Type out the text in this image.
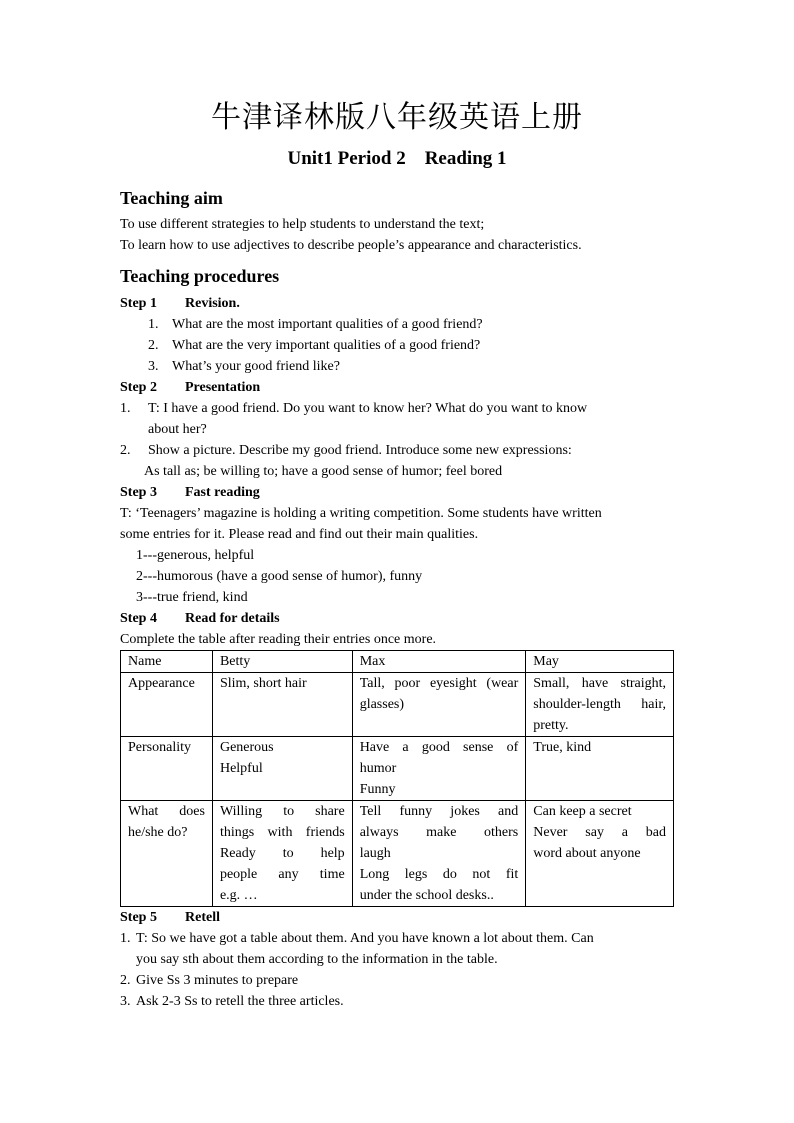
牛津译林版八年级英语上册
Unit1 Period 2    Reading 1
Teaching aim

To use different strategies to help students to understand the text;

To learn how to use adjectives to describe people’s appearance and characteristics.

Teaching procedures

Step 1 Revision.

1. What are the most important qualities of a good friend?

2. What are the very important qualities of a good friend?

3. What’s your good friend like?

Step 2 Presentation

1. T: I have a good friend. Do you want to know her? What do you want to know

about her?

2. Show a picture. Describe my good friend. Introduce some new expressions:

As tall as; be willing to; have a good sense of humor; feel bored

Step 3 Fast reading

T: ‘Teenagers’ magazine is holding a writing competition. Some students have written

some entries for it. Please read and find out their main qualities.

1---generous, helpful

2---humorous (have a good sense of humor), funny

3---true friend, kind

Step 4 Read for details

Complete the table after reading their entries once more.

Name	Betty	Max	May

Appearance	Slim, short hair	Tall, poor eyesight (wear
glasses)	Small, have straight,
shoulder-length hair,
pretty.

Personality	Generous
Helpful	Have a good sense of
humor
Funny	True, kind

What does
he/she do?	Willing to share
things with friends
Ready to help
people any time
e.g. …	Tell funny jokes and
always make others
laugh
Long legs do not fit
under the school desks..	Can keep a secret
Never say a bad
word about anyone

Step 5 Retell

1. T: So we have got a table about them. And you have known a lot about them. Can

you say sth about them according to the information in the table.

2. Give Ss 3 minutes to prepare

3. Ask 2-3 Ss to retell the three articles.
